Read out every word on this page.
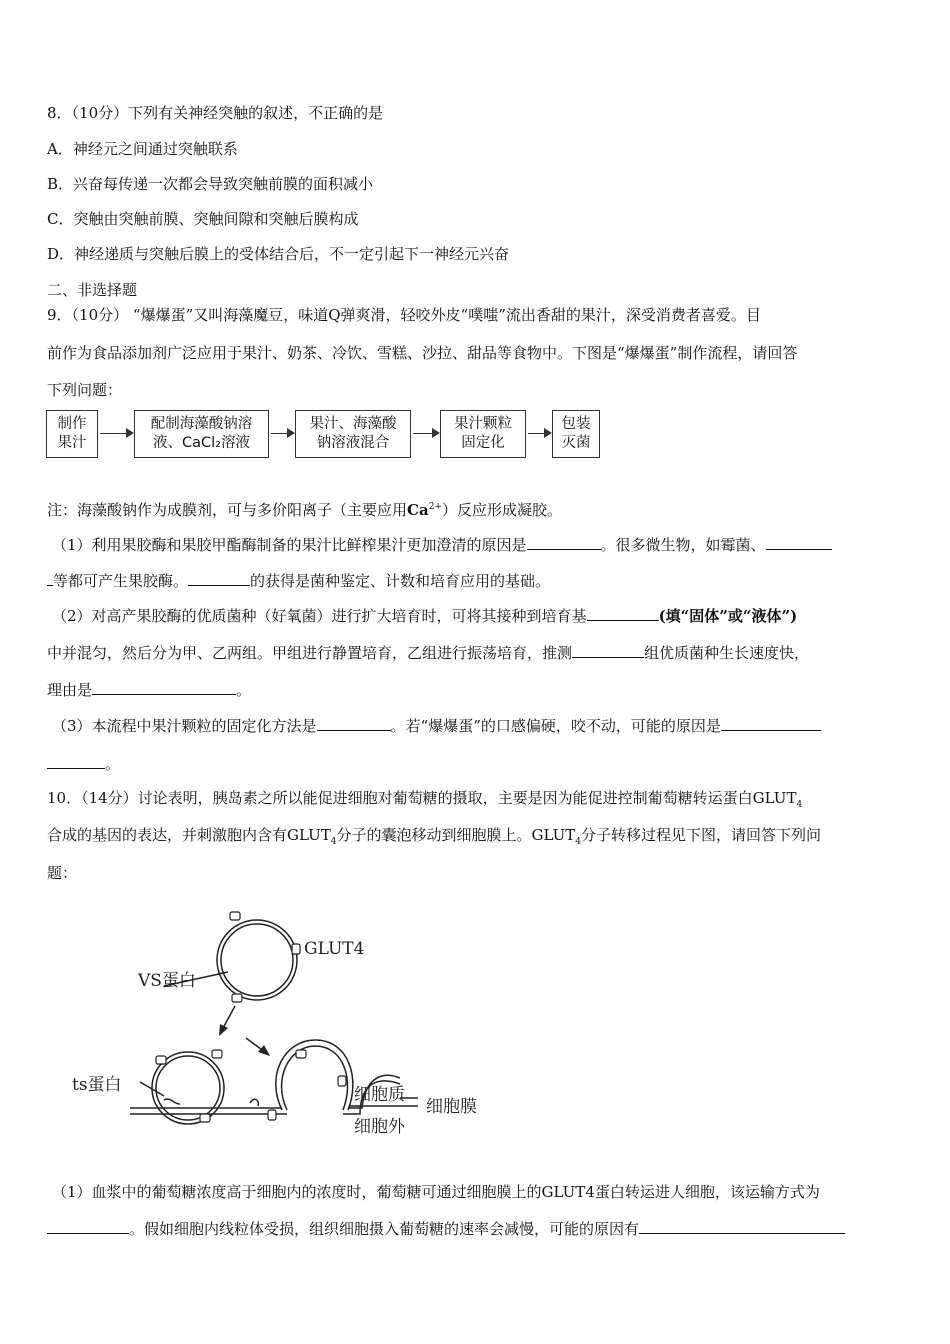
8．（10分）下列有关神经突触的叙述，不正确的是
A．神经元之间通过突触联系
B．兴奋每传递一次都会导致突触前膜的面积减小
C．突触由突触前膜、突触间隙和突触后膜构成
D．神经递质与突触后膜上的受体结合后，不一定引起下一神经元兴奋
二、非选择题
9．（10分） “爆爆蛋”又叫海藻魔豆，味道Q弹爽滑，轻咬外皮“噗嗤”流出香甜的果汁，深受消费者喜爱。目
前作为食品添加剂广泛应用于果汁、奶茶、冷饮、雪糕、沙拉、甜品等食物中。下图是“爆爆蛋”制作流程，请回答
下列问题：
制作
果汁
配制海藻酸钠溶
液、CaCl₂溶液
果汁、海藻酸
钠溶液混合
果汁颗粒
固定化
包装
灭菌
注：海藻酸钠作为成膜剂，可与多价阳离子（主要应用$Ca^{2+}$）反应形成凝胶。
（1）利用果胶酶和果胶甲酯酶制备的果汁比鲜榨果汁更加澄清的原因是	。很多微生物，如霉菌、
等都可产生果胶酶。	的获得是菌种鉴定、计数和培育应用的基础。
（2）对高产果胶酶的优质菌种（好氧菌）进行扩大培育时，可将其接种到培育基	(填“固体”或“液体”)
中并混匀，然后分为甲、乙两组。甲组进行静置培育，乙组进行振荡培育，推测	组优质菌种生长速度快，
理由是	。
（3）本流程中果汁颗粒的固定化方法是	。若“爆爆蛋”的口感偏硬，咬不动，可能的原因是
。
10．（14分）讨论表明，胰岛素之所以能促进细胞对葡萄糖的摄取，主要是因为能促进控制葡萄糖转运蛋白$GLUT_4$
合成的基因的表达，并刺激胞内含有$GLUT_4$分子的囊泡移动到细胞膜上。$GLUT_4$分子转移过程见下图，请回答下列问
题：
GLUT4
VS蛋白
ts蛋白	细胞质
细胞膜
细胞外
（1）血浆中的葡萄糖浓度高于细胞内的浓度时，葡萄糖可通过细胞膜上的GLUT4蛋白转运进人细胞，该运输方式为
。假如细胞内线粒体受损，组织细胞摄入葡萄糖的速率会减慢，可能的原因有
